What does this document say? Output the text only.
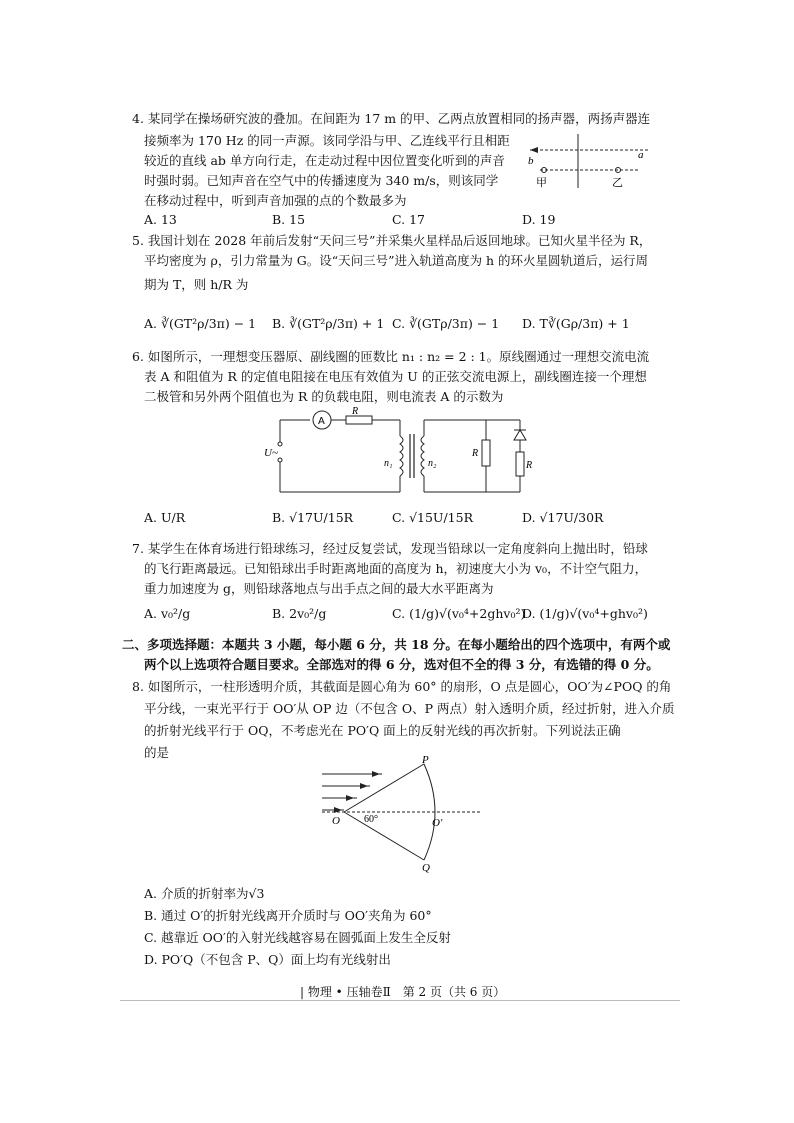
4. 某同学在操场研究波的叠加。在间距为 17 m 的甲、乙两点放置相同的扬声器，两扬声器连
接频率为 170 Hz 的同一声源。该同学沿与甲、乙连线平行且相距
较近的直线 ab 单方向行走，在走动过程中因位置变化听到的声音
时强时弱。已知声音在空气中的传播速度为 340 m/s，则该同学
在移动过程中，听到声音加强的点的个数最多为
a
b
甲	乙
A. 13	B. 15	C. 17	D. 19
5. 我国计划在 2028 年前后发射“天问三号”并采集火星样品后返回地球。已知火星半径为 R，
平均密度为 ρ，引力常量为 G。设“天问三号”进入轨道高度为 h 的环火星圆轨道后，运行周
期为 T，则 h/R 为
A. ∛(GT²ρ/3π) − 1 B. ∛(GT²ρ/3π) + 1 C. ∛(GTρ/3π) − 1 D. T∛(Gρ/3π) + 1
6. 如图所示，一理想变压器原、副线圈的匝数比 n₁ : n₂ = 2 : 1。原线圈通过一理想交流电流
表 A 和阻值为 R 的定值电阻接在电压有效值为 U 的正弦交流电源上，副线圈连接一个理想
二极管和另外两个阻值也为 R 的负载电阻，则电流表 A 的示数为
A
R
U~
n₁	n₂
R
R
A. U/R	B. √17U/15R	C. √15U/15R	D. √17U/30R
7. 某学生在体育场进行铅球练习，经过反复尝试，发现当铅球以一定角度斜向上抛出时，铅球
的飞行距离最远。已知铅球出手时距离地面的高度为 h，初速度大小为 v₀，不计空气阻力，
重力加速度为 g，则铅球落地点与出手点之间的最大水平距离为
A. v₀²/g	B. 2v₀²/g	C. (1/g)√(v₀⁴+2ghv₀²)
D. (1/g)√(v₀⁴+ghv₀²)
二、多项选择题：本题共 3 小题，每小题 6 分，共 18 分。在每小题给出的四个选项中，有两个或
两个以上选项符合题目要求。全部选对的得 6 分，选对但不全的得 3 分，有选错的得 0 分。
8. 如图所示，一柱形透明介质，其截面是圆心角为 60° 的扇形，O 点是圆心，OO′为∠POQ 的角
平分线，一束光平行于 OO′从 OP 边（不包含 O、P 两点）射入透明介质，经过折射，进入介质
的折射光线平行于 OQ，不考虑光在 PO′Q 面上的反射光线的再次折射。下列说法正确
的是	P
Q
O	O′
60°
A. 介质的折射率为√3
B. 通过 O′的折射光线离开介质时与 OO′夹角为 60°
C. 越靠近 OO′的入射光线越容易在圆弧面上发生全反射
D. PO′Q（不包含 P、Q）面上均有光线射出
| 物理 • 压轴卷Ⅱ　第 2 页（共 6 页）
